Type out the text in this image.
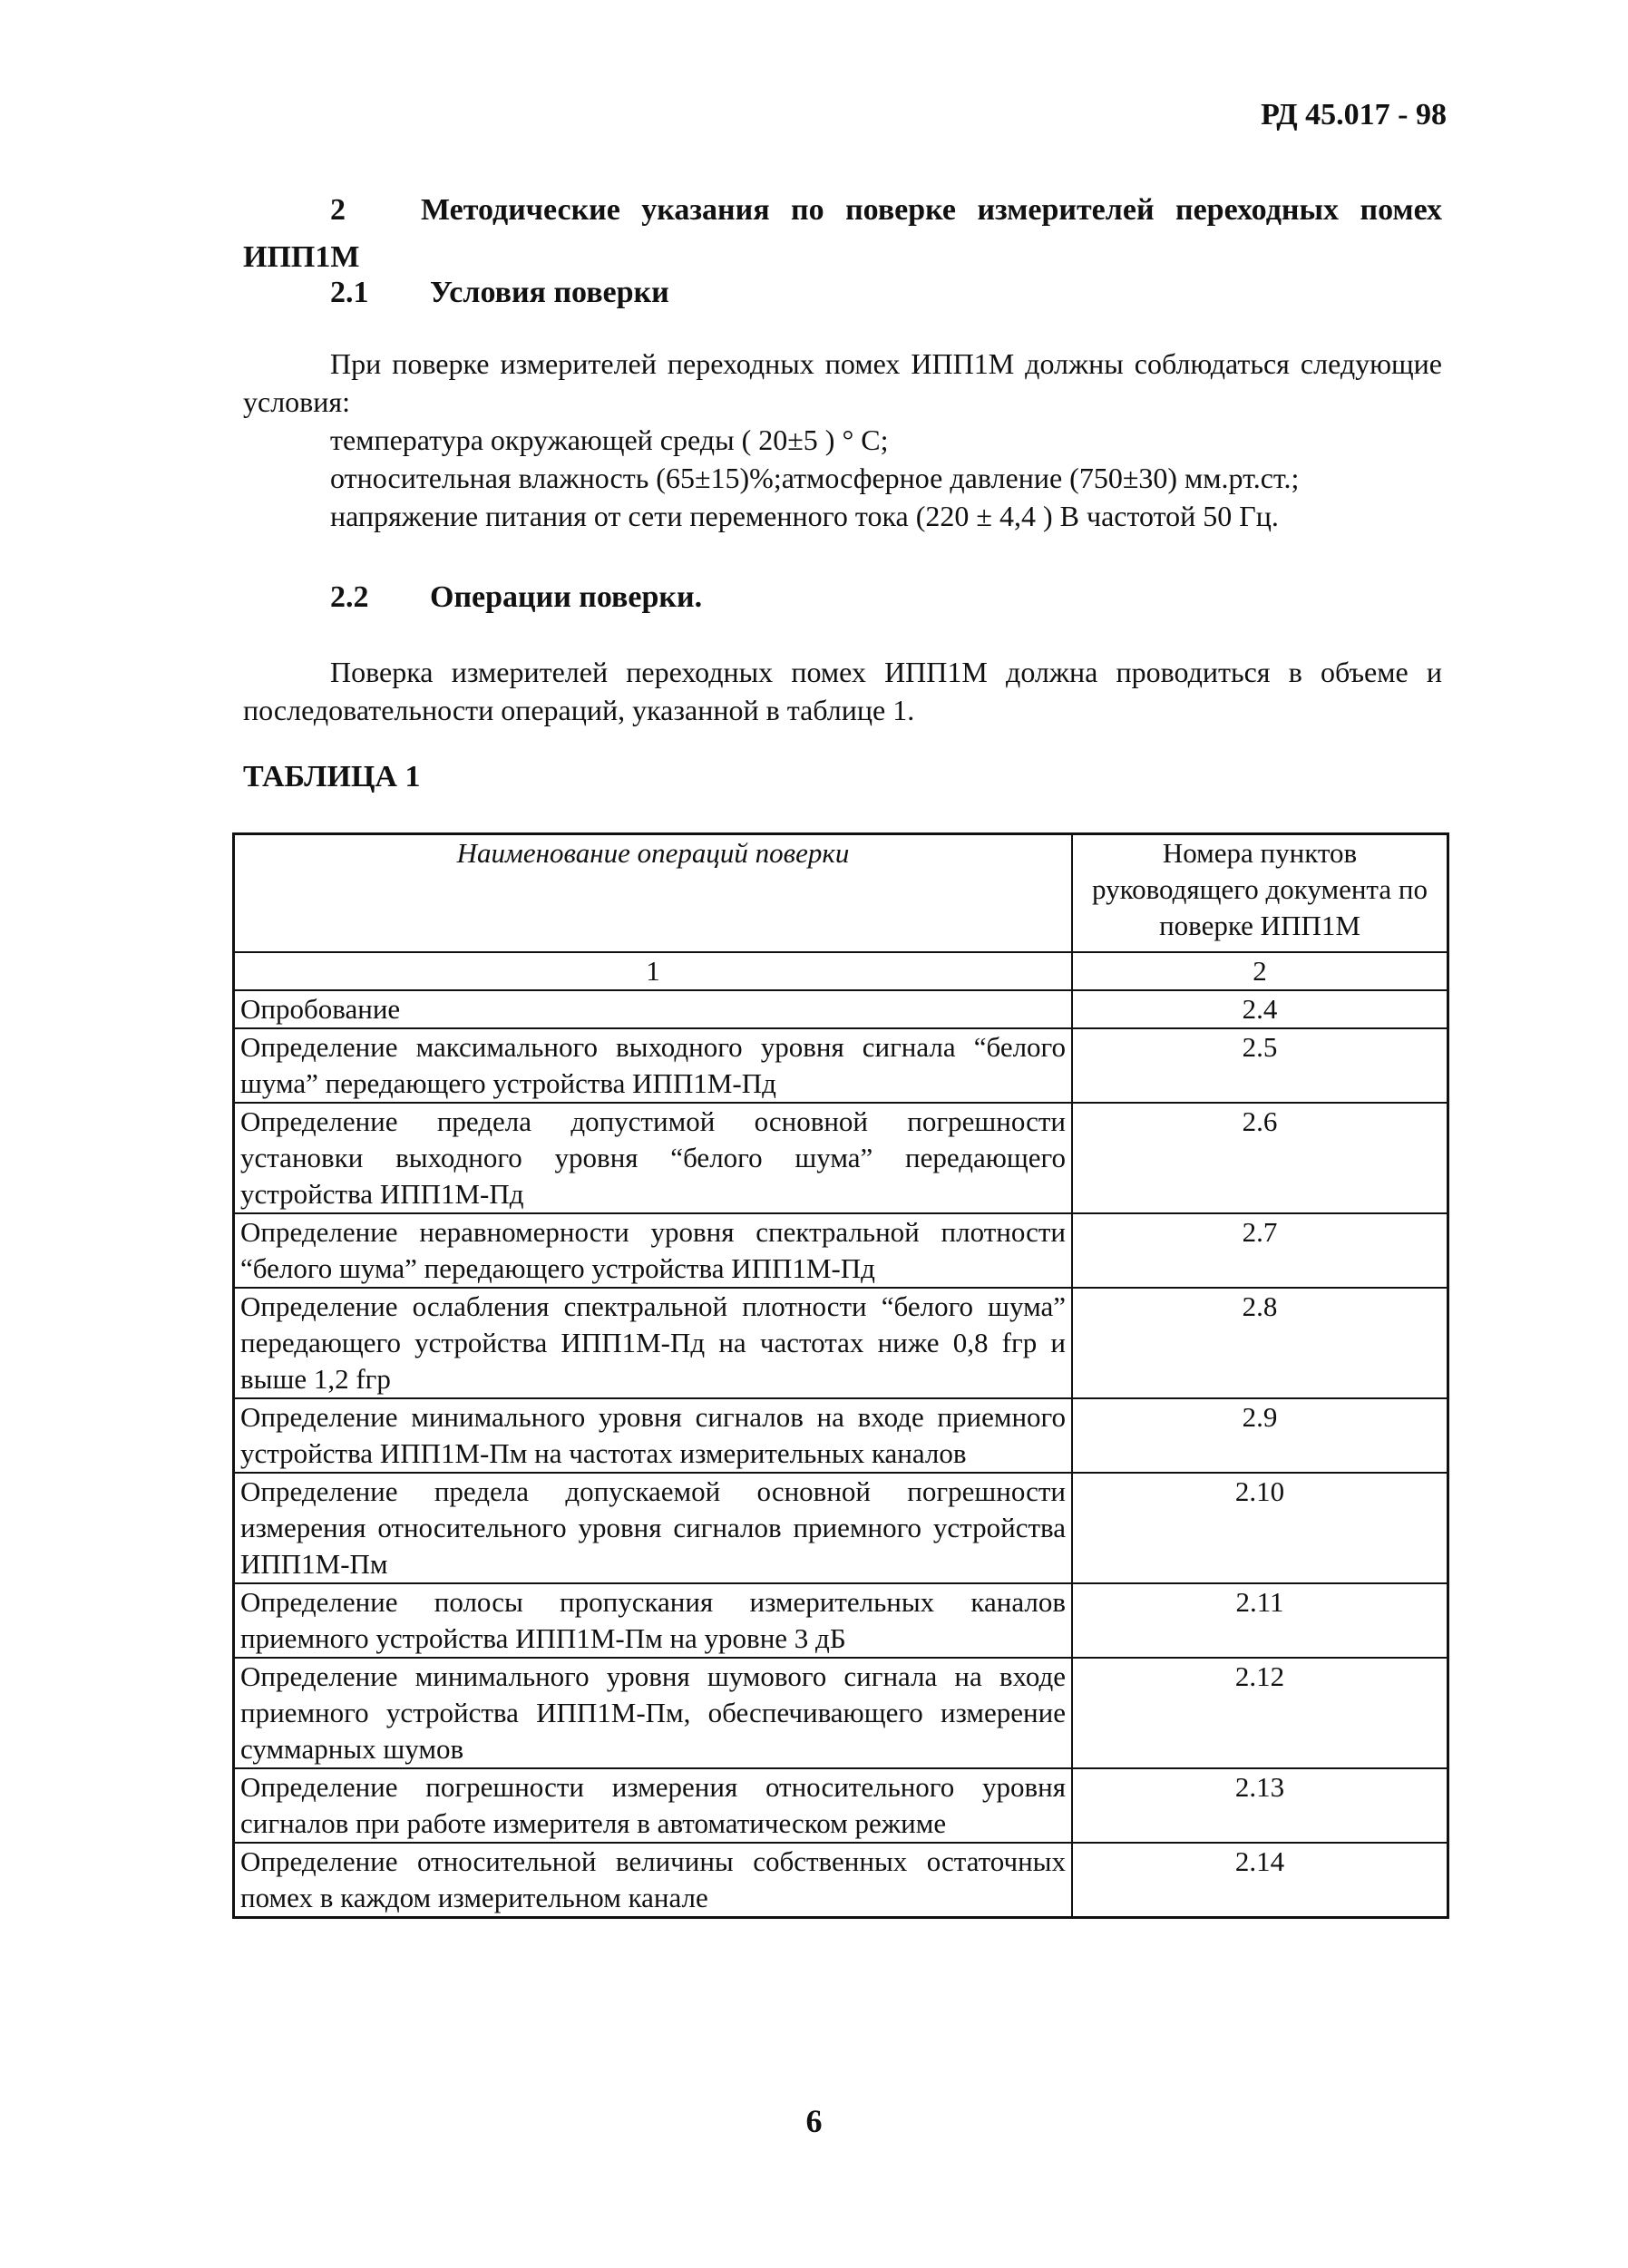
РД 45.017 - 98
2 Методические указания по поверке измерителей переходных помех
ИПП1М
2.1 Условия поверки
При поверке измерителей переходных помех ИПП1М должны соблюдаться следующие условия:
температура окружающей среды ( 20±5 ) ° С;
относительная влажность (65±15)%;атмосферное давление (750±30) мм.рт.ст.;
напряжение питания от сети переменного тока (220 ± 4,4 ) В частотой 50 Гц.
2.2 Операции поверки.
Поверка измерителей переходных помех ИПП1М должна проводиться в объеме и последовательности операций, указанной в таблице 1.
ТАБЛИЦА 1
Наименование операций поверки	Номера пунктов руководящего документа по поверке ИПП1М
1	2
Опробование	2.4
Определение максимального выходного уровня сигнала “белого шума” передающего устройства ИПП1М-Пд	2.5
Определение предела допустимой основной погрешности установки выходного уровня “белого шума” передающего устройства ИПП1М-Пд	2.6
Определение неравномерности уровня спектральной плотности “белого шума” передающего устройства ИПП1М-Пд	2.7
Определение ослабления спектральной плотности “белого шума” передающего устройства ИПП1М-Пд на частотах ниже 0,8 fгр и выше 1,2 fгр	2.8
Определение минимального уровня сигналов на входе приемного устройства ИПП1М-Пм на частотах измерительных каналов	2.9
Определение предела допускаемой основной погрешности измерения относительного уровня сигналов приемного устройства ИПП1М-Пм	2.10
Определение полосы пропускания измерительных каналов приемного устройства ИПП1М-Пм на уровне 3 дБ	2.11
Определение минимального уровня шумового сигнала на входе приемного устройства ИПП1М-Пм, обеспечивающего измерение суммарных шумов	2.12
Определение погрешности измерения относительного уровня сигналов при работе измерителя в автоматическом режиме	2.13
Определение относительной величины собственных остаточных помех в каждом измерительном канале	2.14
6
